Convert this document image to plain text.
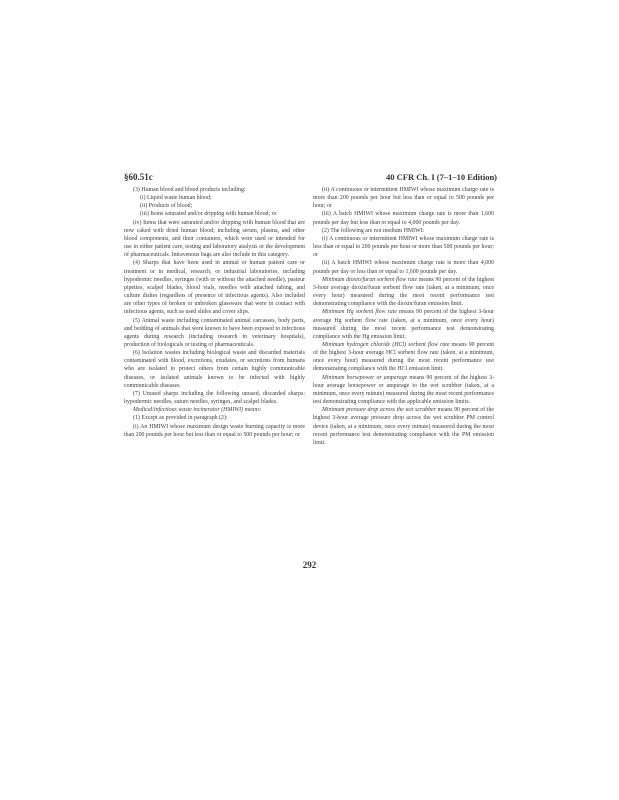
§60.51c	40 CFR Ch. I (7–1–10 Edition)

(3) Human blood and blood products including:

(i) Liquid waste human blood;

(ii) Products of blood;

(iii) Items saturated and/or dripping with human blood; or

(iv) Items that were saturated and/or dripping with human blood that are now caked with dried human blood; including serum, plasma, and other blood components, and their containers, which were used or intended for use in either patient care, testing and laboratory analysis or the development of pharmaceuticals. Intravenous bags are also include in this category.

(4) Sharps that have been used in animal or human patient care or treatment or in medical, research, or industrial laboratories, including hypodermic needles, syringes (with or without the attached needle), pasteur pipettes, scalpel blades, blood vials, needles with attached tubing, and culture dishes (regardless of presence of infectious agents). Also included are other types of broken or unbroken glassware that were in contact with infectious agents, such as used slides and cover slips.

(5) Animal waste including contaminated animal carcasses, body parts, and bedding of animals that were known to have been exposed to infectious agents during research (including research in veterinary hospitals), production of biologicals or testing of pharmaceuticals.

(6) Isolation wastes including biological waste and discarded materials contaminated with blood, excretions, exudates, or secretions from humans who are isolated to protect others from certain highly communicable diseases, or isolated animals known to be infected with highly communicable diseases.

(7) Unused sharps including the following unused, discarded sharps: hypodermic needles, suture needles, syringes, and scalpel blades.

Medical/infectious waste incinerator (HMIWI) means:

(1) Except as provided in paragraph (2):

(i) An HMIWI whose maximum design waste burning capacity is more than 200 pounds per hour but less than or equal to 500 pounds per hour; or

(ii) A continuous or intermittent HMIWI whose maximum charge rate is more than 200 pounds per hour but less than or equal to 500 pounds per hour; or

(iii) A batch HMIWI whose maximum charge rate is more than 1,600 pounds per day but less than or equal to 4,000 pounds per day.

(2) The following are not medium HMIWI:

(i) A continuous or intermittent HMIWI whose maximum charge rate is less than or equal to 200 pounds per hour or more than 500 pounds per hour; or

(ii) A batch HMIWI whose maximum charge rate is more than 4,000 pounds per day or less than or equal to 1,600 pounds per day.

Minimum dioxin/furan sorbent flow rate means 90 percent of the highest 3-hour average dioxin/furan sorbent flow rate (taken, at a minimum, once every hour) measured during the most recent performance test demonstrating compliance with the dioxin/furan emission limit.

Minimum Hg sorbent flow rate means 90 percent of the highest 3-hour average Hg sorbent flow rate (taken, at a minimum, once every hour) measured during the most recent performance test demonstrating compliance with the Hg emission limit.

Minimum hydrogen chloride (HCl) sorbent flow rate means 90 percent of the highest 3-hour average HCl sorbent flow rate (taken, at a minimum, once every hour) measured during the most recent performance test demonstrating compliance with the HCl emission limit.

Minimum horsepower or amperage means 90 percent of the highest 3-hour average horsepower or amperage to the wet scrubber (taken, at a minimum, once every minute) measured during the most recent performance test demonstrating compliance with the applicable emission limits.

Minimum pressure drop across the wet scrubber means 90 percent of the highest 3-hour average pressure drop across the wet scrubber PM control device (taken, at a minimum, once every minute) measured during the most recent performance test demonstrating compliance with the PM emission limit.

292
